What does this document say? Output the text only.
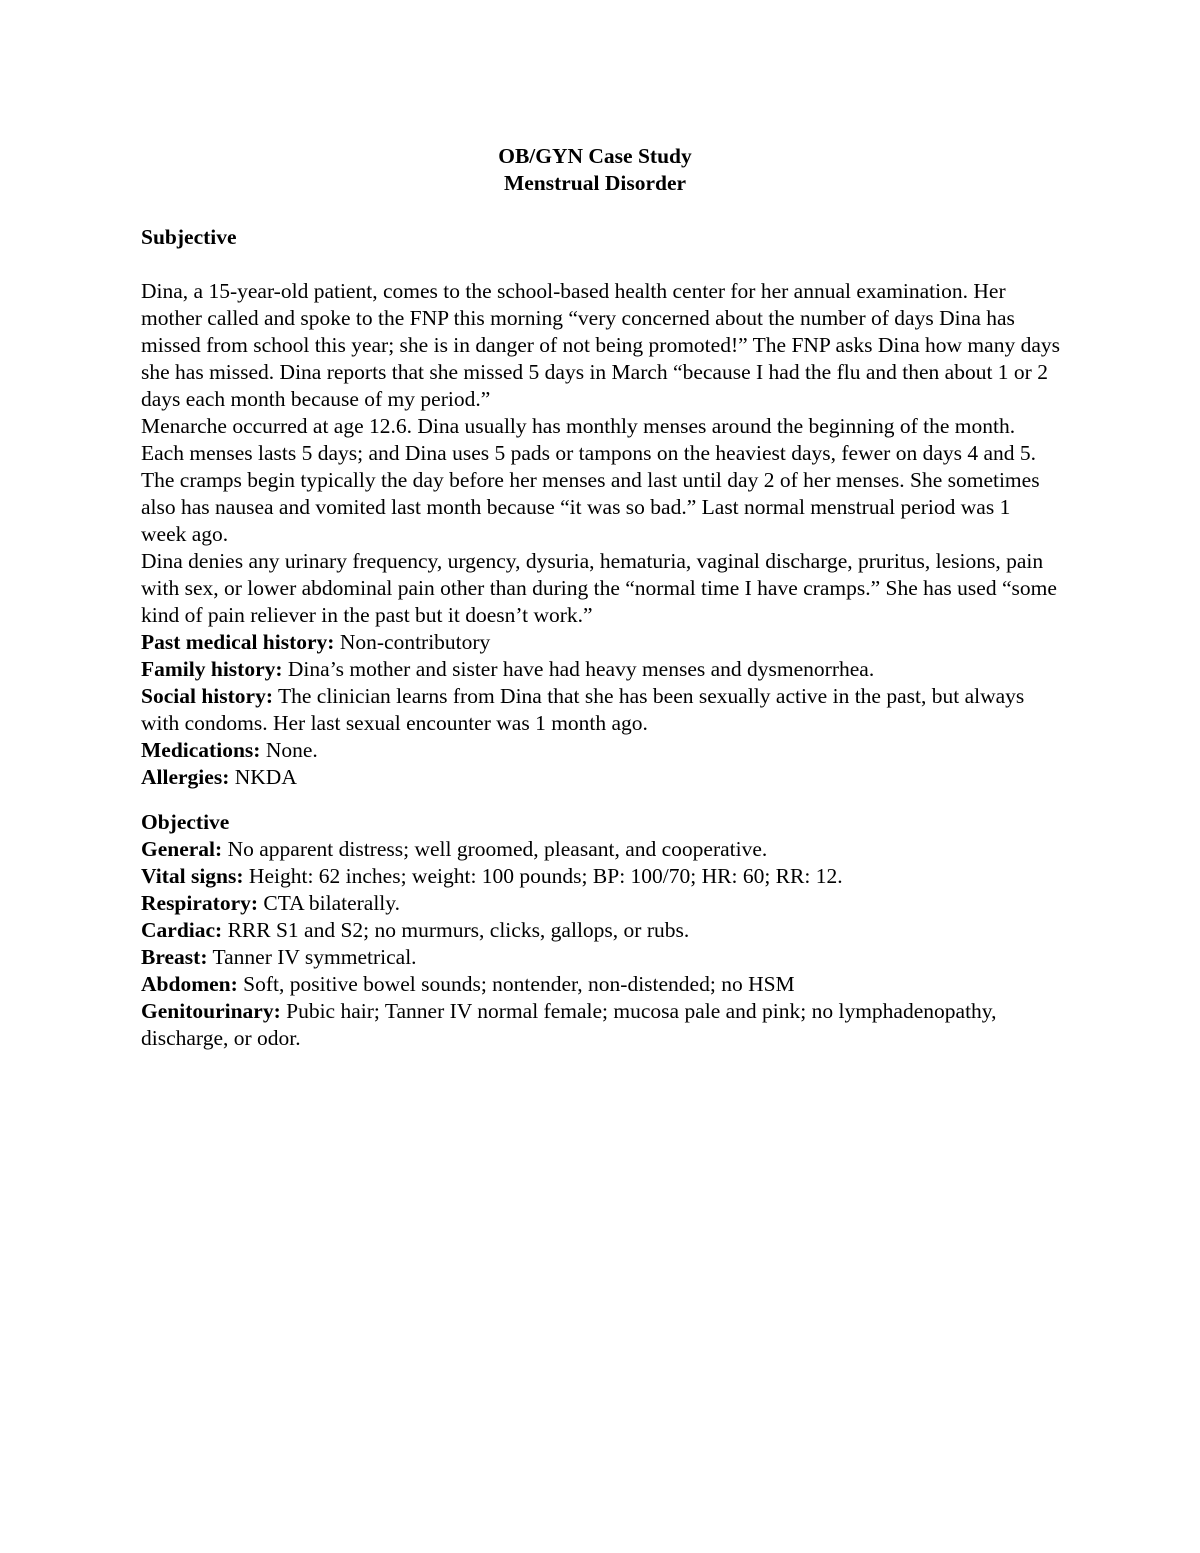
OB/GYN Case Study
Menstrual Disorder
Subjective

Dina, a 15-year-old patient, comes to the school-based health center for her annual examination. Her mother called and spoke to the FNP this morning “very concerned about the number of days Dina has missed from school this year; she is in danger of not being promoted!” The FNP asks Dina how many days she has missed. Dina reports that she missed 5 days in March “because I had the flu and then about 1 or 2 days each month because of my period.”

Menarche occurred at age 12.6. Dina usually has monthly menses around the beginning of the month. Each menses lasts 5 days; and Dina uses 5 pads or tampons on the heaviest days, fewer on days 4 and 5. The cramps begin typically the day before her menses and last until day 2 of her menses. She sometimes also has nausea and vomited last month because “it was so bad.” Last normal menstrual period was 1 week ago.

Dina denies any urinary frequency, urgency, dysuria, hematuria, vaginal discharge, pruritus, lesions, pain with sex, or lower abdominal pain other than during the “normal time I have cramps.” She has used “some kind of pain reliever in the past but it doesn’t work.”

Past medical history: Non-contributory

Family history: Dina’s mother and sister have had heavy menses and dysmenorrhea.

Social history: The clinician learns from Dina that she has been sexually active in the past, but always with condoms. Her last sexual encounter was 1 month ago.

Medications: None.

Allergies: NKDA

Objective

General: No apparent distress; well groomed, pleasant, and cooperative.

Vital signs: Height: 62 inches; weight: 100 pounds; BP: 100/70; HR: 60; RR: 12.

Respiratory: CTA bilaterally.

Cardiac: RRR S1 and S2; no murmurs, clicks, gallops, or rubs.

Breast: Tanner IV symmetrical.

Abdomen: Soft, positive bowel sounds; nontender, non-distended; no HSM

Genitourinary: Pubic hair; Tanner IV normal female; mucosa pale and pink; no lymphadenopathy, discharge, or odor.
